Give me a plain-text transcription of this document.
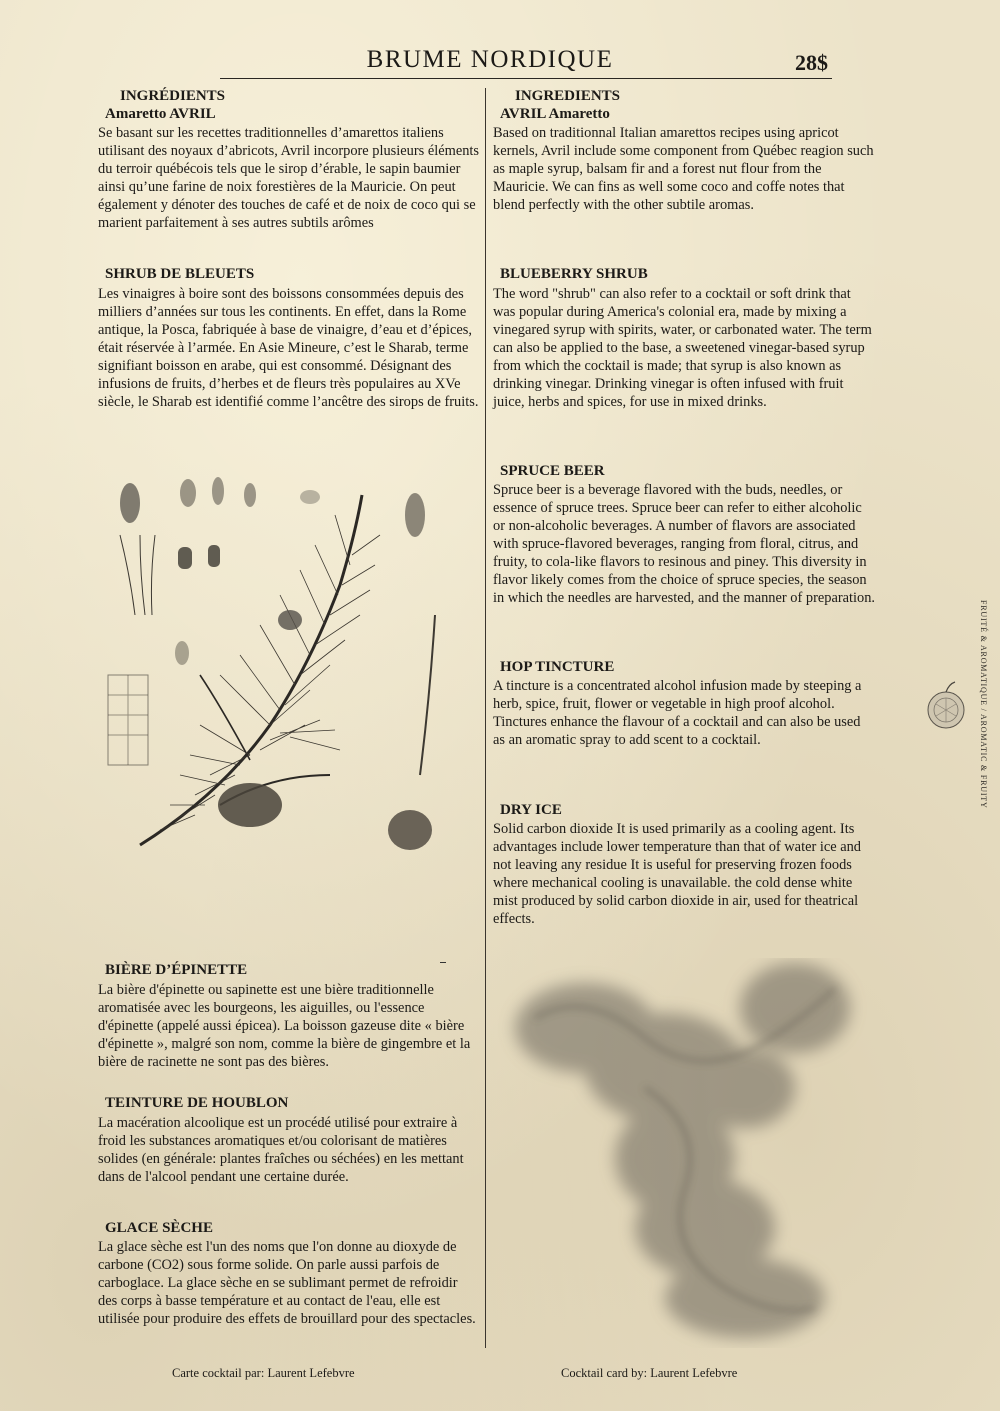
BRUME NORDIQUE	28$
INGRÉDIENTS
Amaretto AVRIL

Se basant sur les recettes traditionnelles d’amarettos italiens utilisant des noyaux d’abricots, Avril incorpore plusieurs éléments du terroir québécois tels que le sirop d’érable, le sapin baumier ainsi qu’une farine de noix forestières de la Mauricie. On peut également y dénoter des touches de café et de noix de coco qui se marient parfaitement à ses autres subtils arômes

SHRUB DE BLEUETS

Les vinaigres à boire sont des boissons consommées depuis des milliers d’années sur tous les continents. En effet, dans la Rome antique, la Posca, fabriquée à base de vinaigre, d’eau et d’épices, était réservée à l’armée. En Asie Mineure, c’est le Sharab, terme signifiant boisson en arabe, qui est consommé. Désignant des infusions de fruits, d’herbes et de fleurs très populaires au XVe siècle, le Sharab est identifié comme l’ancêtre des sirops de fruits.

BIÈRE D’ÉPINETTE

La bière d'épinette ou sapinette est une bière traditionnelle aromatisée avec les bourgeons, les aiguilles, ou l'essence d'épinette (appelé aussi épicea). La boisson gazeuse dite « bière d'épinette », malgré son nom, comme la bière de gingembre et la bière de racinette ne sont pas des bières.

TEINTURE DE HOUBLON

La macération alcoolique est un procédé utilisé pour extraire à froid les substances aromatiques et/ou colorisant de matières solides (en générale: plantes fraîches ou séchées) en les mettant dans de l'alcool pendant une certaine durée.

GLACE SÈCHE

La glace sèche est l'un des noms que l'on donne au dioxyde de carbone (CO2) sous forme solide. On parle aussi parfois de carboglace. La glace sèche en se sublimant permet de refroidir des corps à basse température et au contact de l'eau, elle est utilisée pour produire des effets de brouillard pour des spectacles.

Carte cocktail par: Laurent Lefebvre
INGREDIENTS
AVRIL Amaretto

Based on traditionnal Italian amarettos recipes using apricot kernels, Avril include some component from Québec reagion such as maple syrup, balsam fir and a forest nut flour from the Mauricie. We can fins as well some coco and coffe notes that blend perfectly with the other subtile aromas.

BLUEBERRY SHRUB

The word "shrub" can also refer to a cocktail or soft drink that was popular during America's colonial era, made by mixing a vinegared syrup with spirits, water, or carbonated water. The term can also be applied to the base, a sweetened vinegar-based syrup from which the cocktail is made; that syrup is also known as drinking vinegar. Drinking vinegar is often infused with fruit juice, herbs and spices, for use in mixed drinks.

SPRUCE BEER

Spruce beer is a beverage flavored with the buds, needles, or essence of spruce trees. Spruce beer can refer to either alcoholic or non-alcoholic beverages. A number of flavors are associated with spruce-flavored beverages, ranging from floral, citrus, and fruity, to cola-like flavors to resinous and piney. This diversity in flavor likely comes from the choice of spruce species, the season in which the needles are harvested, and the manner of preparation.

HOP TINCTURE

A tincture is a concentrated alcohol infusion made by steeping a herb, spice, fruit, flower or vegetable in high proof alcohol. Tinctures enhance the flavour of a cocktail and can also be used as an aromatic spray to add scent to a cocktail.

DRY ICE

Solid carbon dioxide It is used primarily as a cooling agent. Its advantages include lower temperature than that of water ice and not leaving any residue It is useful for preserving frozen foods where mechanical cooling is unavailable. the cold dense white mist produced by solid carbon dioxide in air, used for theatrical effects.

Cocktail card by: Laurent Lefebvre
FRUITÉ & AROMATIQUE / AROMATIC & FRUITY
